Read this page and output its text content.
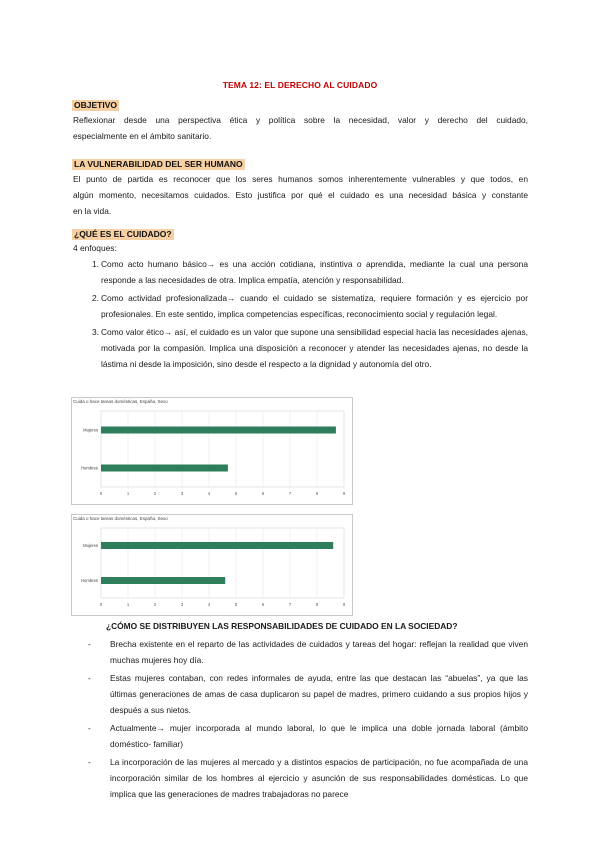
TEMA 12: EL DERECHO AL CUIDADO
OBJETIVO
Reflexionar desde una perspectiva ética y política sobre la necesidad, valor y derecho del cuidado,
especialmente en el ámbito sanitario.
LA VULNERABILIDAD DEL SER HUMANO
El punto de partida es reconocer que los seres humanos somos inherentemente vulnerables y que todos, en
algún momento, necesitamos cuidados. Esto justifica por qué el cuidado es una necesidad básica y constante
en la vida.
¿QUÉ ES EL CUIDADO?
4 enfoques:
1. Como acto humano básico→ es una acción cotidiana, instintiva o aprendida, mediante la cual una persona responde a las necesidades de otra. Implica empatía, atención y responsabilidad.
2. Como actividad profesionalizada→ cuando el cuidado se sistematiza, requiere formación y es ejercicio por profesionales. En este sentido, implica competencias específicas, reconocimiento social y regulación legal.
3. Como valor ético→ así, el cuidado es un valor que supone una sensibilidad especial hacia las necesidades ajenas, motivada por la compasión. Implica una disposición a reconocer y atender las necesidades ajenas, no desde la lástima ni desde la imposición, sino desde el respecto a la dignidad y autonomía del otro.
Cuida o hace tareas domésticas, España, Sexo
0	1	2	3	4	5	6	7	8	9
Mujeres
Hombres
Cuida o hace tareas domésticas, España, Sexo
0	1	2	3	4	5	6	7	8	9
Mujeres
Hombres
¿CÓMO SE DISTRIBUYEN LAS RESPONSABILIDADES DE CUIDADO EN LA SOCIEDAD?
- Brecha existente en el reparto de las actividades de cuidados y tareas del hogar: reflejan la realidad que viven muchas mujeres hoy día.
- Estas mujeres contaban, con redes informales de ayuda, entre las que destacan las “abuelas”, ya que las últimas generaciones de amas de casa duplicaron su papel de madres, primero cuidando a sus propios hijos y después a sus nietos.
- Actualmente→ mujer incorporada al mundo laboral, lo que le implica una doble jornada laboral (ámbito doméstico- familiar)
- La incorporación de las mujeres al mercado y a distintos espacios de participación, no fue acompañada de una incorporación similar de los hombres al ejercicio y asunción de sus responsabilidades domésticas. Lo que implica que las generaciones de madres trabajadoras no parece
